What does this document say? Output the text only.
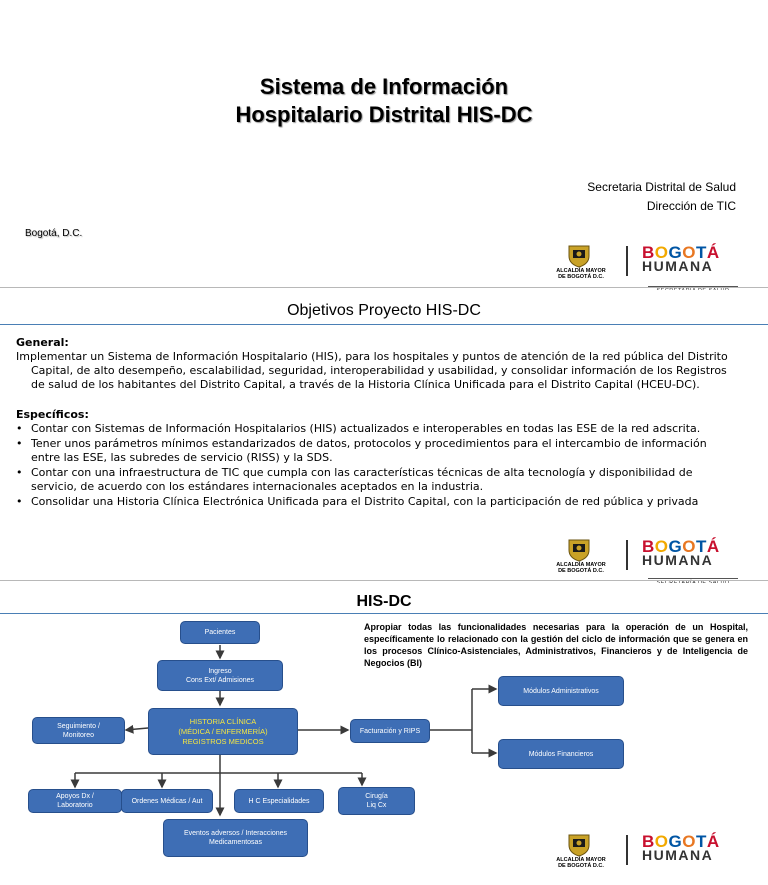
Sistema de Información
Hospitalario Distrital HIS-DC
Secretaria Distrital de Salud
Dirección de TIC
Bogotá, D.C.
ALCALDÍA MAYOR
DE BOGOTÁ D.C.
BOGOTÁ
HUMANA
Objetivos Proyecto HIS-DC

General:

Implementar un Sistema de Información Hospitalario (HIS), para los hospitales y puntos de atención de la red pública del Distrito Capital, de alto desempeño, escalabilidad, seguridad, interoperabilidad y usabilidad, y consolidar información de los Registros de salud de los habitantes del Distrito Capital, a través de la Historia Clínica Unificada para el Distrito Capital (HCEU-DC).

Específicos:

• Contar con Sistemas de Información Hospitalarios (HIS) actualizados e interoperables en todas las ESE de la red adscrita.
• Tener unos parámetros mínimos estandarizados de datos, protocolos y procedimientos para el intercambio de información entre las ESE, las subredes de servicio (RISS) y la SDS.
• Contar con una infraestructura de TIC que cumpla con las características técnicas de alta tecnología y disponibilidad de servicio, de acuerdo con los estándares internacionales aceptados en la industria.
• Consolidar una Historia Clínica Electrónica Unificada para el Distrito Capital, con la participación de red pública y privada
ALCALDÍA MAYOR
DE BOGOTÁ D.C.
BOGOTÁ
HUMANA
HIS-DC
Apropiar todas las funcionalidades necesarias para la operación de un Hospital, específicamente lo relacionado con la gestión del ciclo de información que se genera en los procesos Clínico-Asistenciales, Administrativos, Financieros y de Inteligencia de Negocios (BI)
Pacientes
Ingreso
Cons Ext/ Admisiones
HISTORIA CLÍNICA
(MÉDICA / ENFERMERÍA)
REGISTROS MEDICOS
Seguimiento /
Monitoreo
Facturación y RIPS
Módulos Administrativos
Módulos Financieros
Apoyos Dx /
Laboratorio
Ordenes Médicas / Aut	H C Especialidades
Cirugía
Liq Cx
Eventos adversos / Interacciones
Medicamentosas
ALCALDÍA MAYOR
DE BOGOTÁ D.C.
BOGOTÁ
HUMANA
